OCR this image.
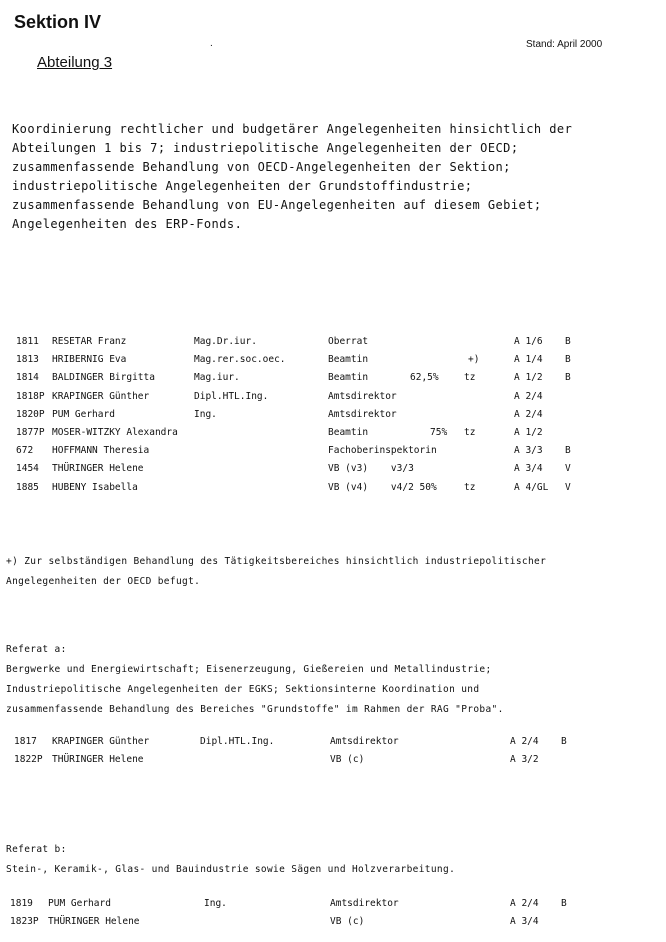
Sektion IV
.	Stand: April 2000
Abteilung 3
Koordinierung rechtlicher und budgetärer Angelegenheiten hinsichtlich der
Abteilungen 1 bis 7; industriepolitische Angelegenheiten der OECD;
zusammenfassende Behandlung von OECD-Angelegenheiten der Sektion;
industriepolitische Angelegenheiten der Grundstoffindustrie;
zusammenfassende Behandlung von EU-Angelegenheiten auf diesem Gebiet;
Angelegenheiten des ERP-Fonds.
1811 RESETAR Franz	Mag.Dr.iur.	Oberrat	A 1/6 B
1813 HRIBERNIG Eva	Mag.rer.soc.oec.	Beamtin	+)	A 1/4 B
1814 BALDINGER Birgitta	Mag.iur.	Beamtin	62,5%	tz	A 1/2 B
1818P KRAPINGER Günther	Dipl.HTL.Ing.	Amtsdirektor	A 2/4
1820P PUM Gerhard	Ing.	Amtsdirektor	A 2/4
1877P MOSER-WITZKY Alexandra	Beamtin	75% tz	A 1/2
672 HOFFMANN Theresia	Fachoberinspektorin	A 3/3 B
1454 THÜRINGER Helene	VB (v3)    v3/3	A 3/4 V
1885 HUBENY Isabella	VB (v4)    v4/2 50%	tz	A 4/GL V
+) Zur selbständigen Behandlung des Tätigkeitsbereiches hinsichtlich industriepolitischer
Angelegenheiten der OECD befugt.
Referat a:
Bergwerke und Energiewirtschaft; Eisenerzeugung, Gießereien und Metallindustrie;
Industriepolitische Angelegenheiten der EGKS; Sektionsinterne Koordination und
zusammenfassende Behandlung des Bereiches "Grundstoffe" im Rahmen der RAG "Proba".
1817 KRAPINGER Günther	Dipl.HTL.Ing.	Amtsdirektor	A 2/4 B
1822P THÜRINGER Helene	VB (c)	A 3/2
Referat b:
Stein-, Keramik-, Glas- und Bauindustrie sowie Sägen und Holzverarbeitung.
1819 PUM Gerhard	Ing.	Amtsdirektor	A 2/4 B
1823P THÜRINGER Helene	VB (c)	A 3/4
